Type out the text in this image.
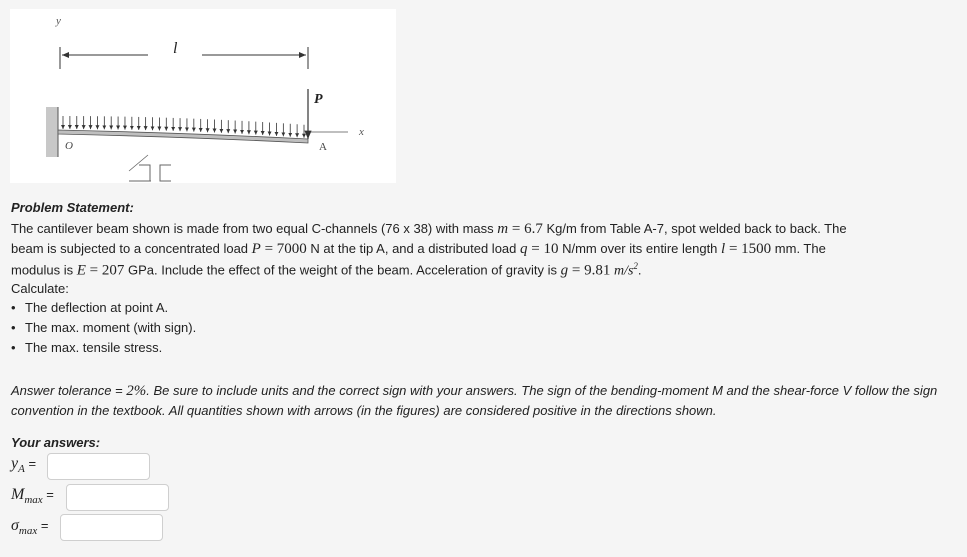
y
l
x
P
O	A
Problem Statement:
The cantilever beam shown is made from two equal C-channels (76 x 38) with mass m = 6.7 Kg/m from Table A-7, spot welded back to back. The
beam is subjected to a concentrated load P = 7000 N at the tip A, and a distributed load q = 10 N/mm over its entire length l = 1500 mm. The
modulus is E = 207 GPa. Include the effect of the weight of the beam. Acceleration of gravity is g = 9.81 $m/s^2$.
Calculate:
• The deflection at point A.
• The max. moment (with sign).
• The max. tensile stress.
Answer tolerance = 2%. Be sure to include units and the correct sign with your answers. The sign of the bending-moment M and the shear-force V follow the sign convention in the textbook. All quantities shown with arrows (in the figures) are considered positive in the directions shown.
Your answers:
$y_A$ =
$M_{max}$ =
$\sigma_{max}$ =
